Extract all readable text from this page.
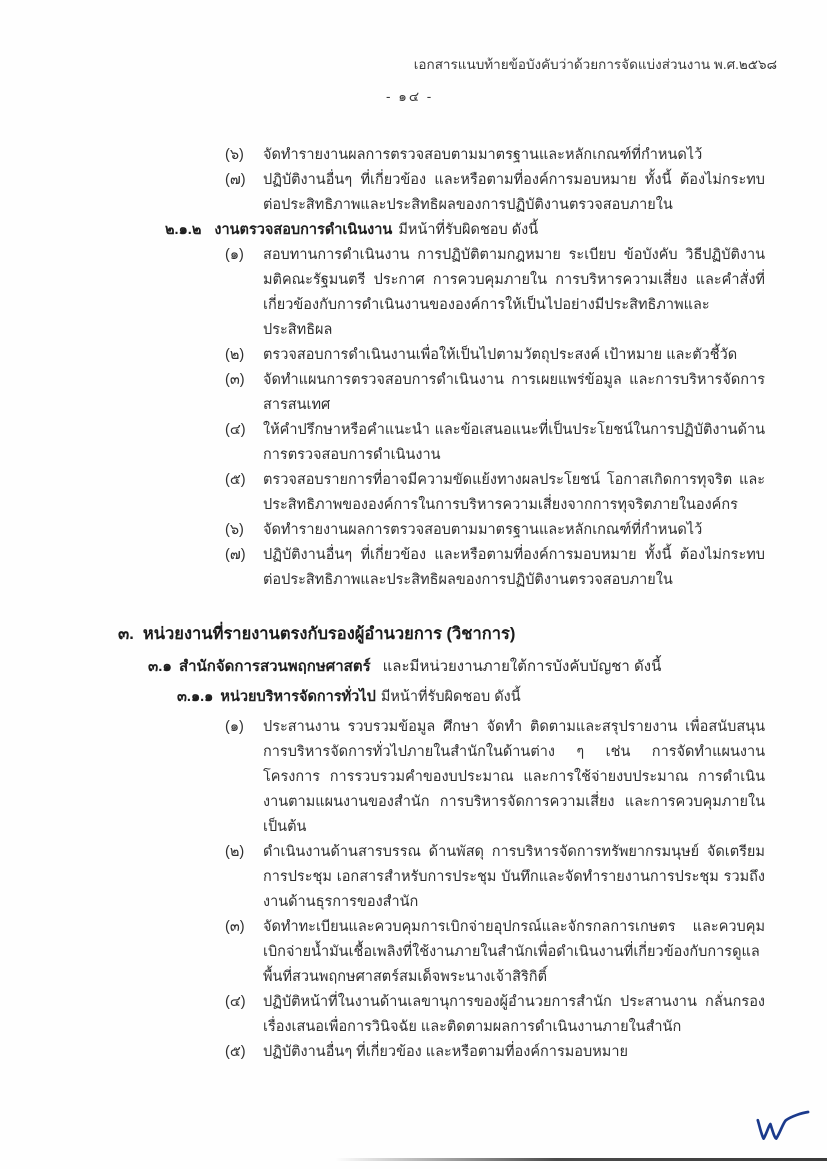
เอกสารแนบท้ายข้อบังคับว่าด้วยการจัดแบ่งส่วนงาน พ.ศ.๒๕๖๘
- ๑๔ -
(๖)	จัดทำรายงานผลการตรวจสอบตามมาตรฐานและหลักเกณฑ์ที่กำหนดไว้
(๗)	ปฏิบัติงานอื่นๆ ที่เกี่ยวข้อง และหรือตามที่องค์การมอบหมาย ทั้งนี้ ต้องไม่กระทบต่อประสิทธิภาพและประสิทธิผลของการปฏิบัติงานตรวจสอบภายใน
๒.๑.๒ งานตรวจสอบการดำเนินงาน มีหน้าที่รับผิดชอบ ดังนี้
(๑)	สอบทานการดำเนินงาน การปฏิบัติตามกฎหมาย ระเบียบ ข้อบังคับ วิธีปฏิบัติงาน มติคณะรัฐมนตรี ประกาศ การควบคุมภายใน การบริหารความเสี่ยง และคำสั่งที่เกี่ยวข้องกับการดำเนินงานขององค์การให้เป็นไปอย่างมีประสิทธิภาพและประสิทธิผล
(๒)	ตรวจสอบการดำเนินงานเพื่อให้เป็นไปตามวัตถุประสงค์ เป้าหมาย และตัวชี้วัด
(๓)	จัดทำแผนการตรวจสอบการดำเนินงาน การเผยแพร่ข้อมูล และการบริหารจัดการสารสนเทศ
(๔)	ให้คำปรึกษาหรือคำแนะนำ และข้อเสนอแนะที่เป็นประโยชน์ในการปฏิบัติงานด้านการตรวจสอบการดำเนินงาน
(๕)	ตรวจสอบรายการที่อาจมีความขัดแย้งทางผลประโยชน์ โอกาสเกิดการทุจริต และประสิทธิภาพขององค์การในการบริหารความเสี่ยงจากการทุจริตภายในองค์กร
(๖)	จัดทำรายงานผลการตรวจสอบตามมาตรฐานและหลักเกณฑ์ที่กำหนดไว้
(๗)	ปฏิบัติงานอื่นๆ ที่เกี่ยวข้อง และหรือตามที่องค์การมอบหมาย ทั้งนี้ ต้องไม่กระทบต่อประสิทธิภาพและประสิทธิผลของการปฏิบัติงานตรวจสอบภายใน
๓. หน่วยงานที่รายงานตรงกับรองผู้อำนวยการ (วิชาการ)
๓.๑ สำนักจัดการสวนพฤกษศาสตร์ และมีหน่วยงานภายใต้การบังคับบัญชา ดังนี้
๓.๑.๑ หน่วยบริหารจัดการทั่วไป มีหน้าที่รับผิดชอบ ดังนี้
(๑)	ประสานงาน รวบรวมข้อมูล ศึกษา จัดทำ ติดตามและสรุปรายงาน เพื่อสนับสนุนการบริหารจัดการทั่วไปภายในสำนักในด้านต่าง ๆ เช่น การจัดทำแผนงานโครงการ การรวบรวมคำของบประมาณ และการใช้จ่ายงบประมาณ การดำเนินงานตามแผนงานของสำนัก การบริหารจัดการความเสี่ยง และการควบคุมภายใน เป็นต้น
(๒)	ดำเนินงานด้านสารบรรณ ด้านพัสดุ การบริหารจัดการทรัพยากรมนุษย์ จัดเตรียมการประชุม เอกสารสำหรับการประชุม บันทึกและจัดทำรายงานการประชุม รวมถึงงานด้านธุรการของสำนัก
(๓)	จัดทำทะเบียนและควบคุมการเบิกจ่ายอุปกรณ์และจักรกลการเกษตร และควบคุมเบิกจ่ายน้ำมันเชื้อเพลิงที่ใช้งานภายในสำนักเพื่อดำเนินงานที่เกี่ยวข้องกับการดูแลพื้นที่สวนพฤกษศาสตร์สมเด็จพระนางเจ้าสิริกิติ์
(๔)	ปฏิบัติหน้าที่ในงานด้านเลขานุการของผู้อำนวยการสำนัก ประสานงาน กลั่นกรองเรื่องเสนอเพื่อการวินิจฉัย และติดตามผลการดำเนินงานภายในสำนัก
(๕)	ปฏิบัติงานอื่นๆ ที่เกี่ยวข้อง และหรือตามที่องค์การมอบหมาย
